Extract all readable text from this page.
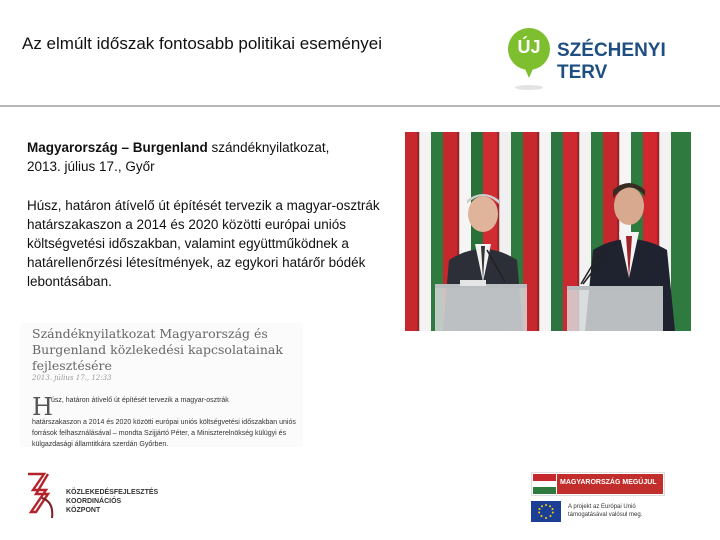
Az elmúlt időszak fontosabb politikai eseményei	ÚJ SZÉCHENYI TERV
Magyarország – Burgenland szándéknyilatkozat,
2013. július 17., Győr
Húsz, határon átívelő út építését tervezik a magyar-osztrák határszakaszon a 2014 és 2020 közötti európai uniós költségvetési időszakban, valamint együttműködnek a határellenőrzési létesítmények, az egykori határőr bódék lebontásában.
Szándéknyilatkozat Magyarország és Burgenland közlekedési kapcsolatainak fejlesztésére
2013. július 17., 12:33
H
úsz, határon átívelő út építését tervezik a magyar-osztrák
határszakaszon a 2014 és 2020 közötti európai uniós költségvetési időszakban uniós források felhasználásával – mondta Szijjártó Péter, a Miniszterelnökség külügyi és külgazdasági államtitkára szerdán Győrben.
KÖZLEKEDÉSFEJLESZTÉS
KOORDINÁCIÓS
KÖZPONT
MAGYARORSZÁG MEGÚJUL
A projekt az Európai Unió támogatásával valósul meg.
